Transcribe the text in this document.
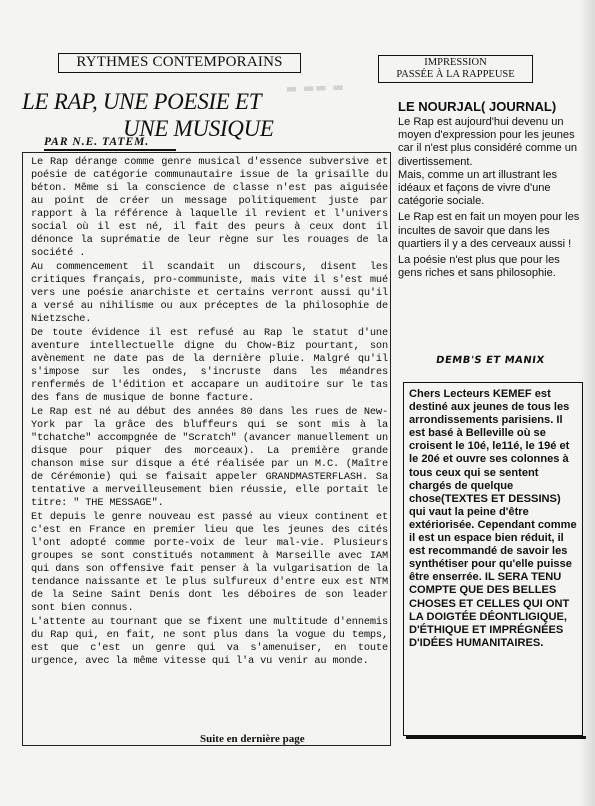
RYTHMES CONTEMPORAINS	IMPRESSION
PASSÉE À LA RAPPEUSE
▬ ▬▬ ▬
LE RAP, UNE POESIE ET
UNE MUSIQUE
PAR N.E. TATEM.

Le Rap dérange comme genre musical d'essence subversive et poésie de catégorie communautaire issue de la grisaille du béton. Même si la conscience de classe n'est pas aiguisée au point de créer un message politiquement juste par rapport à la référence à laquelle il revient et l'univers social où il est né, il fait des peurs à ceux dont il dénonce la suprématie de leur règne sur les rouages de la société .

Au commencement il scandait un discours, disent les critiques français, pro-communiste, mais vite il s'est mué vers une poésie anarchiste et certains verront aussi qu'il a versé au nihilisme ou aux préceptes de la philosophie de Nietzsche.

De toute évidence il est refusé au Rap le statut d'une aventure intellectuelle digne du Chow-Biz pourtant, son avènement ne date pas de la dernière pluie. Malgré qu'il s'impose sur les ondes, s'incruste dans les méandres renfermés de l'édition et accapare un auditoire sur le tas des fans de musique de bonne facture.

Le Rap est né au début des années 80 dans les rues de New-York par la grâce des bluffeurs qui se sont mis à la "tchatche" accompgnée de "Scratch" (avancer manuellement un disque pour piquer des morceaux). La première grande chanson mise sur disque a été réalisée par un M.C. (Maître de Cérémonie) qui se faisait appeler GRANDMASTERFLASH. Sa tentative a merveilleusement bien réussie, elle portait le titre: " THE MESSAGE".

Et depuis le genre nouveau est passé au vieux continent et c'est en France en premier lieu que les jeunes des cités l'ont adopté comme porte-voix de leur mal-vie. Plusieurs groupes se sont constitués notamment à Marseille avec IAM qui dans son offensive fait penser à la vulgarisation de la tendance naissante et le plus sulfureux d'entre eux est NTM de la Seine Saint Denis dont les déboires de son leader sont bien connus.

L'attente au tournant que se fixent une multitude d'ennemis du Rap qui, en fait, ne sont plus dans la vogue du temps, est que c'est un genre qui va s'amenuiser, en toute urgence, avec la même vitesse qui l'a vu venir au monde.

Suite en dernière page
LE NOURJAL( JOURNAL)

Le Rap est aujourd'hui devenu un moyen d'expression pour les jeunes car il n'est plus considéré comme un divertissement.

Mais, comme un art illustrant les idéaux et façons de vivre d'une catégorie sociale.

Le Rap est en fait un moyen pour les incultes de savoir que dans les quartiers il y a des cerveaux aussi !

La poésie n'est plus que pour les gens riches et sans philosophie.

DEMB'S ET MANIX
Chers Lecteurs KEMEF est destiné aux jeunes de tous les arrondissements parisiens. Il est basé à Belleville où se croisent le 10é, le11é, le 19é et le 20é et ouvre ses colonnes à tous ceux qui se sentent chargés de quelque chose(TEXTES ET DESSINS) qui vaut la peine d'être extériorisée. Cependant comme il est un espace bien réduit, il est recommandé de savoir les synthétiser pour qu'elle puisse être enserrée. IL SERA TENU COMPTE QUE DES BELLES CHOSES ET CELLES QUI ONT LA DOIGTÉE DÉONTLIGIQUE, D'ÉTHIQUE ET IMPRÉGNÉES D'IDÉES HUMANITAIRES.
